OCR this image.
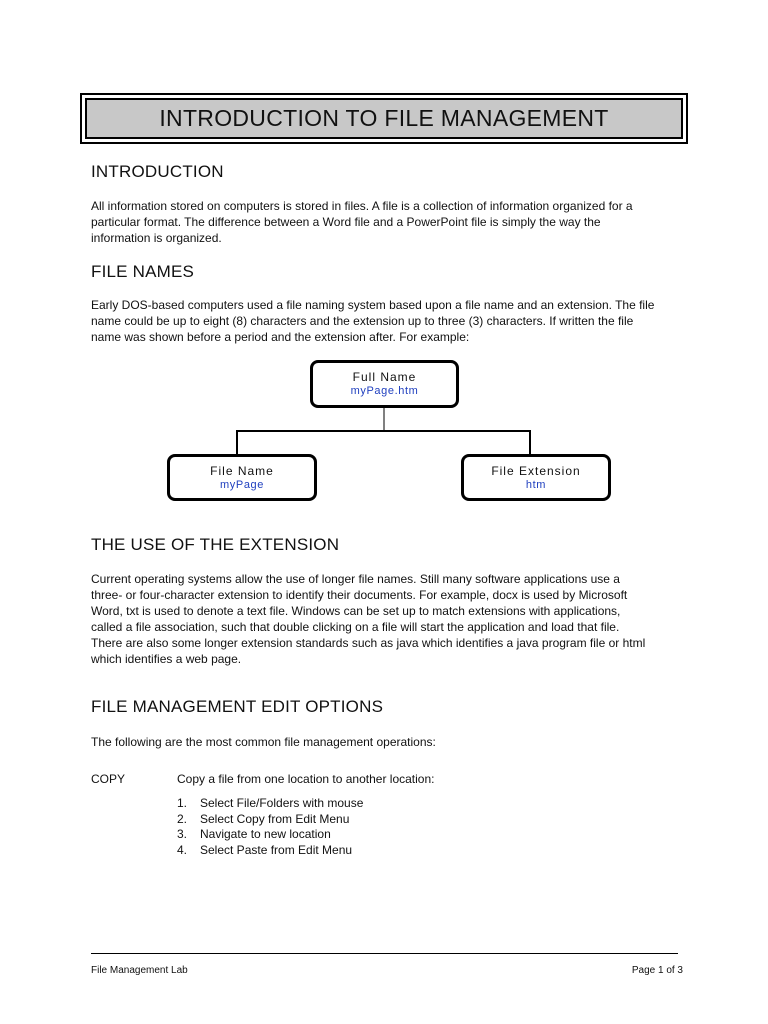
INTRODUCTION TO FILE MANAGEMENT
INTRODUCTION

All information stored on computers is stored in files. A file is a collection of information organized for a

particular format. The difference between a Word file and a PowerPoint file is simply the way the

information is organized.

FILE NAMES

Early DOS-based computers used a file naming system based upon a file name and an extension. The file

name could be up to eight (8) characters and the extension up to three (3) characters. If written the file

name was shown before a period and the extension after. For example:

Full Name
myPage.htm
File Name
myPage
File Extension
htm
THE USE OF THE EXTENSION

Current operating systems allow the use of longer file names. Still many software applications use a

three- or four-character extension to identify their documents. For example, docx is used by Microsoft

Word, txt is used to denote a text file. Windows can be set up to match extensions with applications,

called a file association, such that double clicking on a file will start the application and load that file.

There are also some longer extension standards such as java which identifies a java program file or html

which identifies a web page.

FILE MANAGEMENT EDIT OPTIONS

The following are the most common file management operations:

COPY	Copy a file from one location to another location:
1.	Select File/Folders with mouse
2.	Select Copy from Edit Menu
3.	Navigate to new location
4.	Select Paste from Edit Menu
File Management Lab	Page 1 of 3
